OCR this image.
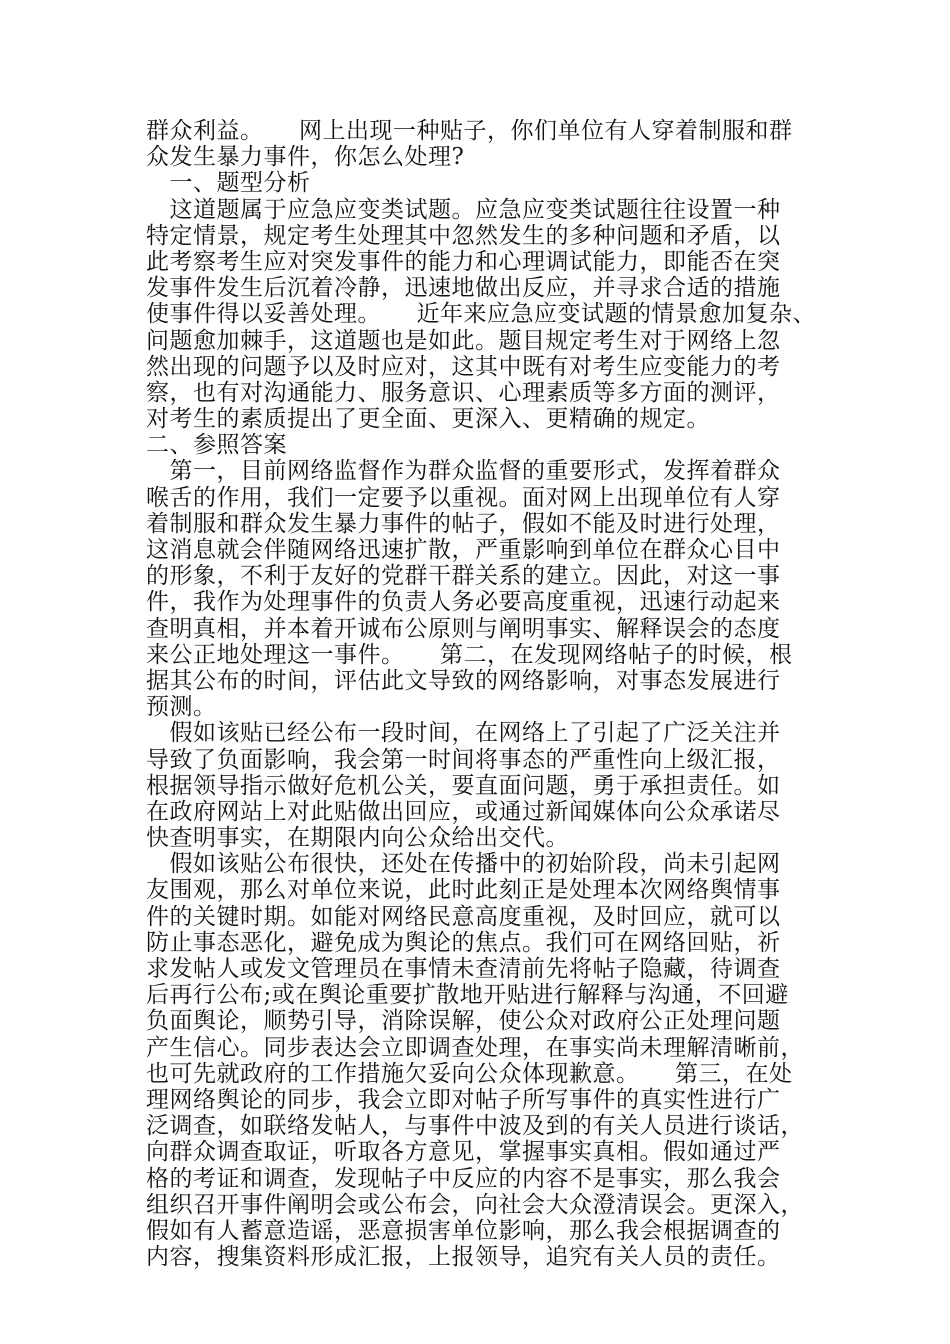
群众利益。　　网上出现一种贴子，你们单位有人穿着制服和群
众发生暴力事件，你怎么处理?
　一、题型分析
　这道题属于应急应变类试题。应急应变类试题往往设置一种
特定情景，规定考生处理其中忽然发生的多种问题和矛盾，以
此考察考生应对突发事件的能力和心理调试能力，即能否在突
发事件发生后沉着冷静，迅速地做出反应，并寻求合适的措施
使事件得以妥善处理。　　近年来应急应变试题的情景愈加复杂、
问题愈加棘手，这道题也是如此。题目规定考生对于网络上忽
然出现的问题予以及时应对，这其中既有对考生应变能力的考
察，也有对沟通能力、服务意识、心理素质等多方面的测评，
对考生的素质提出了更全面、更深入、更精确的规定。
二、参照答案
　第一，目前网络监督作为群众监督的重要形式，发挥着群众
喉舌的作用，我们一定要予以重视。面对网上出现单位有人穿
着制服和群众发生暴力事件的帖子，假如不能及时进行处理，
这消息就会伴随网络迅速扩散，严重影响到单位在群众心目中
的形象，不利于友好的党群干群关系的建立。因此，对这一事
件，我作为处理事件的负责人务必要高度重视，迅速行动起来
查明真相，并本着开诚布公原则与阐明事实、解释误会的态度
来公正地处理这一事件。　　第二，在发现网络帖子的时候，根
据其公布的时间，评估此文导致的网络影响，对事态发展进行
预测。
　假如该贴已经公布一段时间，在网络上了引起了广泛关注并
导致了负面影响，我会第一时间将事态的严重性向上级汇报，
根据领导指示做好危机公关，要直面问题，勇于承担责任。如
在政府网站上对此贴做出回应，或通过新闻媒体向公众承诺尽
快查明事实，在期限内向公众给出交代。
　假如该贴公布很快，还处在传播中的初始阶段，尚未引起网
友围观，那么对单位来说，此时此刻正是处理本次网络舆情事
件的关键时期。如能对网络民意高度重视，及时回应，就可以
防止事态恶化，避免成为舆论的焦点。我们可在网络回贴，祈
求发帖人或发文管理员在事情未查清前先将帖子隐藏，待调查
后再行公布;或在舆论重要扩散地开贴进行解释与沟通，不回避
负面舆论，顺势引导，消除误解，使公众对政府公正处理问题
产生信心。同步表达会立即调查处理，在事实尚未理解清晰前，
也可先就政府的工作措施欠妥向公众体现歉意。　　第三，在处
理网络舆论的同步，我会立即对帖子所写事件的真实性进行广
泛调查，如联络发帖人，与事件中波及到的有关人员进行谈话，
向群众调查取证，听取各方意见，掌握事实真相。假如通过严
格的考证和调查，发现帖子中反应的内容不是事实，那么我会
组织召开事件阐明会或公布会，向社会大众澄清误会。更深入，
假如有人蓄意造谣，恶意损害单位影响，那么我会根据调查的
内容，搜集资料形成汇报，上报领导，追究有关人员的责任。
